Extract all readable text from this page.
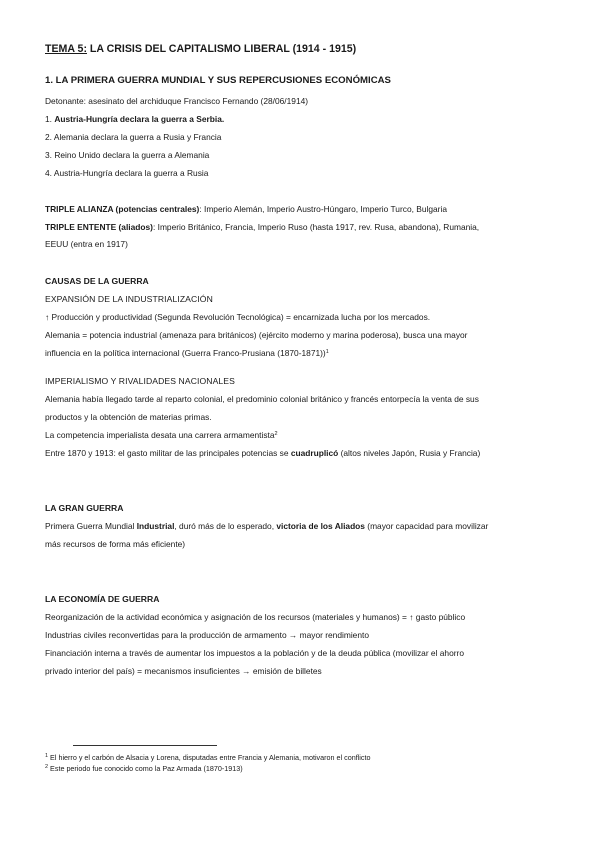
TEMA 5: LA CRISIS DEL CAPITALISMO LIBERAL (1914 - 1915)
1. LA PRIMERA GUERRA MUNDIAL Y SUS REPERCUSIONES ECONÓMICAS
Detonante: asesinato del archiduque Francisco Fernando (28/06/1914)
1. Austria-Hungría declara la guerra a Serbia.
2. Alemania declara la guerra a Rusia y Francia
3. Reino Unido declara la guerra a Alemania
4. Austria-Hungría declara la guerra a Rusia
TRIPLE ALIANZA (potencias centrales): Imperio Alemán, Imperio Austro-Húngaro, Imperio Turco, Bulgaria
TRIPLE ENTENTE (aliados): Imperio Británico, Francia, Imperio Ruso (hasta 1917, rev. Rusa, abandona), Rumania,
EEUU (entra en 1917)
CAUSAS DE LA GUERRA
EXPANSIÓN DE LA INDUSTRIALIZACIÓN
↑ Producción y productividad (Segunda Revolución Tecnológica) = encarnizada lucha por los mercados.
Alemania = potencia industrial (amenaza para británicos) (ejército moderno y marina poderosa), busca una mayor
influencia en la política internacional (Guerra Franco-Prusiana (1870-1871))$^1$
IMPERIALISMO Y RIVALIDADES NACIONALES
Alemania había llegado tarde al reparto colonial, el predominio colonial británico y francés entorpecía la venta de sus
productos y la obtención de materias primas.
La competencia imperialista desata una carrera armamentista$^2$
Entre 1870 y 1913: el gasto militar de las principales potencias se cuadruplicó (altos niveles Japón, Rusia y Francia)
LA GRAN GUERRA
Primera Guerra Mundial Industrial, duró más de lo esperado, victoria de los Aliados (mayor capacidad para movilizar
más recursos de forma más eficiente)
LA ECONOMÍA DE GUERRA
Reorganización de la actividad económica y asignación de los recursos (materiales y humanos) = ↑ gasto público
Industrias civiles reconvertidas para la producción de armamento → mayor rendimiento
Financiación interna a través de aumentar los impuestos a la población y de la deuda pública (movilizar el ahorro
privado interior del país) = mecanismos insuficientes → emisión de billetes
$^1$ El hierro y el carbón de Alsacia y Lorena, disputadas entre Francia y Alemania, motivaron el conflicto
$^2$ Este periodo fue conocido como la Paz Armada (1870-1913)
